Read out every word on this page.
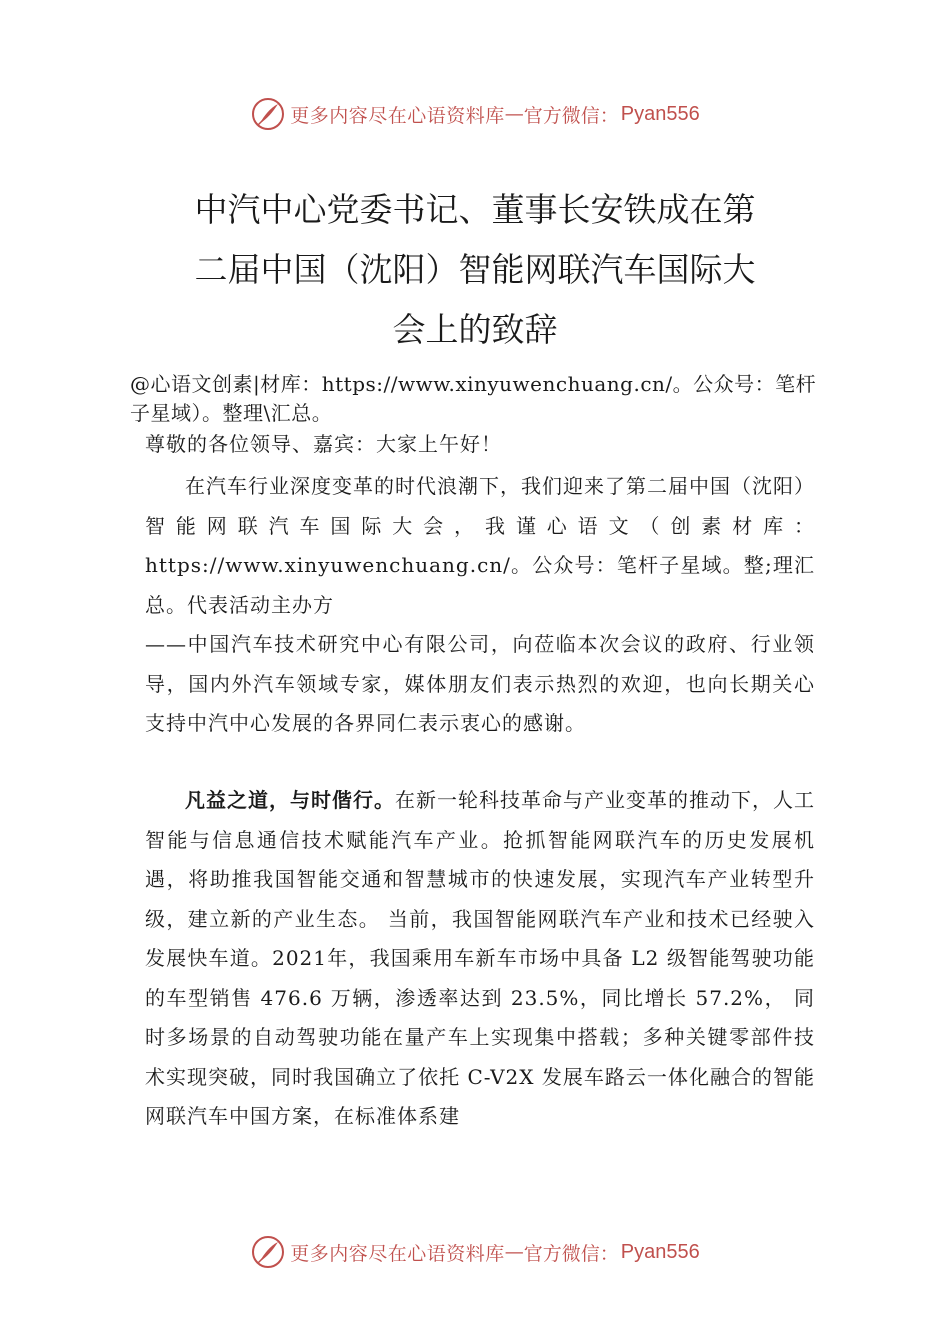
更多内容尽在心语资料库 — 官方微信： Pyan556
中汽中心党委书记、董事长安铁成在第
二届中国（沈阳）智能网联汽车国际大
会上的致辞

@心语文创素|材库：https://www.xinyuwenchuang.cn/。公众号：笔杆子星域）。整理\汇总。

尊敬的各位领导、嘉宾：大家上午好！

在汽车行业深度变革的时代浪潮下，我们迎来了第二届中国（沈阳）智能网联汽车国际大会，我谨心语文（创素材库：https://www.xinyuwenchuang.cn/。公众号：笔杆子星域。整;理汇总。代表活动主办方
——中国汽车技术研究中心有限公司，向莅临本次会议的政府、行业领导，国内外汽车领域专家，媒体朋友们表示热烈的欢迎，也向长期关心支持中汽中心发展的各界同仁表示衷心的感谢。

凡益之道，与时偕行。在新一轮科技革命与产业变革的推动下，人工智能与信息通信技术赋能汽车产业。抢抓智能网联汽车的历史发展机遇，将助推我国智能交通和智慧城市的快速发展，实现汽车产业转型升级，建立新的产业生态。 当前，我国智能网联汽车产业和技术已经驶入发展快车道。2021年，我国乘用车新车市场中具备 L2 级智能驾驶功能的车型销售 476.6 万辆，渗透率达到 23.5%，同比增长 57.2%， 同时多场景的自动驾驶功能在量产车上实现集中搭载；多种关键零部件技术实现突破，同时我国确立了依托 C-V2X 发展车路云一体化融合的智能网联汽车中国方案，在标准体系建

更多内容尽在心语资料库 — 官方微信： Pyan556
